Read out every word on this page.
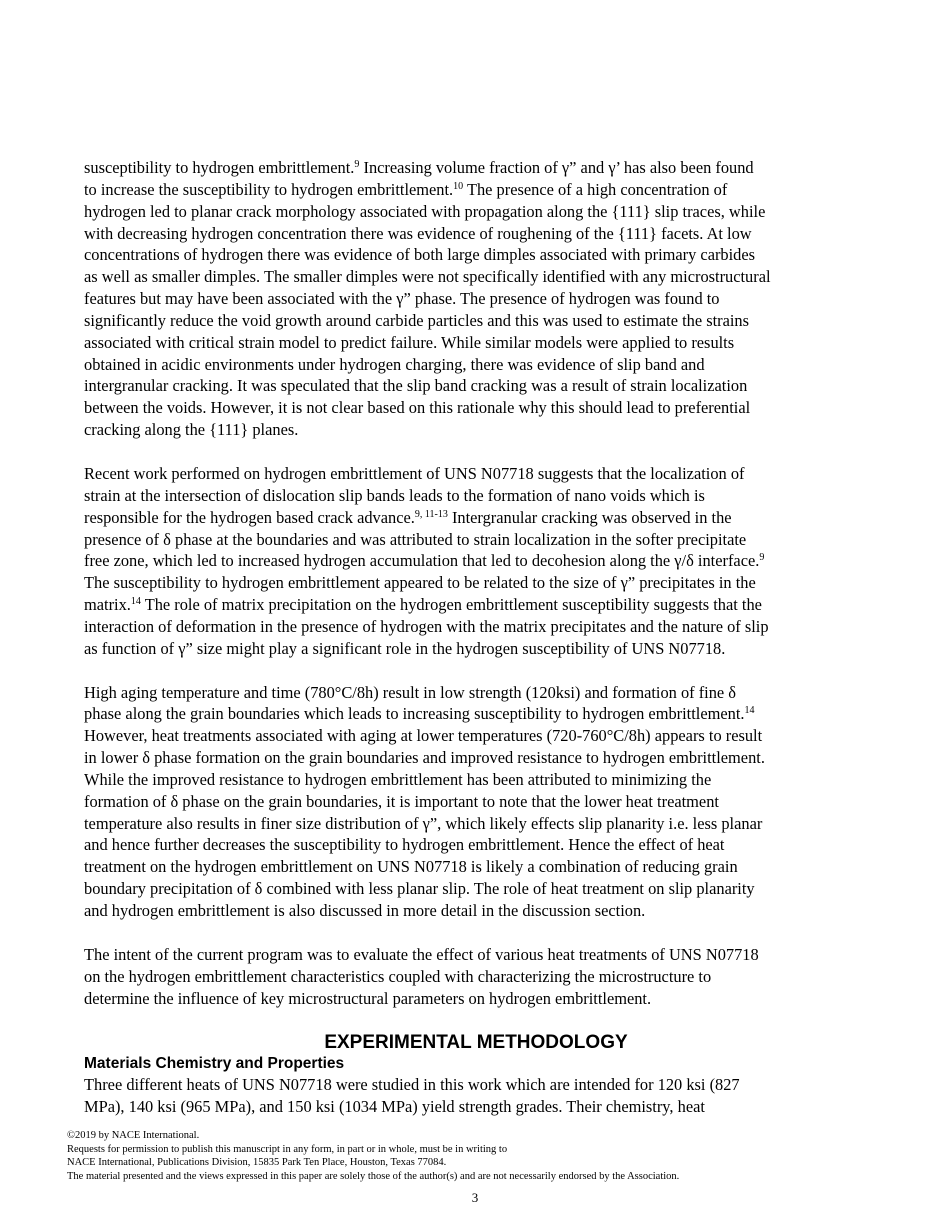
susceptibility to hydrogen embrittlement.$^9$ Increasing volume fraction of γ” and γ’ has also been found
to increase the susceptibility to hydrogen embrittlement.$^{10}$ The presence of a high concentration of
hydrogen led to planar crack morphology associated with propagation along the {111} slip traces, while
with decreasing hydrogen concentration there was evidence of roughening of the {111} facets. At low
concentrations of hydrogen there was evidence of both large dimples associated with primary carbides
as well as smaller dimples. The smaller dimples were not specifically identified with any microstructural
features but may have been associated with the γ” phase. The presence of hydrogen was found to
significantly reduce the void growth around carbide particles and this was used to estimate the strains
associated with critical strain model to predict failure. While similar models were applied to results
obtained in acidic environments under hydrogen charging, there was evidence of slip band and
intergranular cracking. It was speculated that the slip band cracking was a result of strain localization
between the voids. However, it is not clear based on this rationale why this should lead to preferential
cracking along the {111} planes.
Recent work performed on hydrogen embrittlement of UNS N07718 suggests that the localization of
strain at the intersection of dislocation slip bands leads to the formation of nano voids which is
responsible for the hydrogen based crack advance.$^{9, 11-13}$ Intergranular cracking was observed in the
presence of δ phase at the boundaries and was attributed to strain localization in the softer precipitate
free zone, which led to increased hydrogen accumulation that led to decohesion along the γ/δ interface.$^9$
The susceptibility to hydrogen embrittlement appeared to be related to the size of γ” precipitates in the
matrix.$^{14}$ The role of matrix precipitation on the hydrogen embrittlement susceptibility suggests that the
interaction of deformation in the presence of hydrogen with the matrix precipitates and the nature of slip
as function of γ” size might play a significant role in the hydrogen susceptibility of UNS N07718.
High aging temperature and time (780°C/8h) result in low strength (120ksi) and formation of fine δ
phase along the grain boundaries which leads to increasing susceptibility to hydrogen embrittlement.$^{14}$
However, heat treatments associated with aging at lower temperatures (720-760°C/8h) appears to result
in lower δ phase formation on the grain boundaries and improved resistance to hydrogen embrittlement.
While the improved resistance to hydrogen embrittlement has been attributed to minimizing the
formation of δ phase on the grain boundaries, it is important to note that the lower heat treatment
temperature also results in finer size distribution of γ”, which likely effects slip planarity i.e. less planar
and hence further decreases the susceptibility to hydrogen embrittlement. Hence the effect of heat
treatment on the hydrogen embrittlement on UNS N07718 is likely a combination of reducing grain
boundary precipitation of δ combined with less planar slip. The role of heat treatment on slip planarity
and hydrogen embrittlement is also discussed in more detail in the discussion section.
The intent of the current program was to evaluate the effect of various heat treatments of UNS N07718
on the hydrogen embrittlement characteristics coupled with characterizing the microstructure to
determine the influence of key microstructural parameters on hydrogen embrittlement.
EXPERIMENTAL METHODOLOGY
Materials Chemistry and Properties
Three different heats of UNS N07718 were studied in this work which are intended for 120 ksi (827
MPa), 140 ksi (965 MPa), and 150 ksi (1034 MPa) yield strength grades. Their chemistry, heat
©2019 by NACE International.
Requests for permission to publish this manuscript in any form, in part or in whole, must be in writing to
NACE International, Publications Division, 15835 Park Ten Place, Houston, Texas 77084.
The material presented and the views expressed in this paper are solely those of the author(s) and are not necessarily endorsed by the Association.
3
